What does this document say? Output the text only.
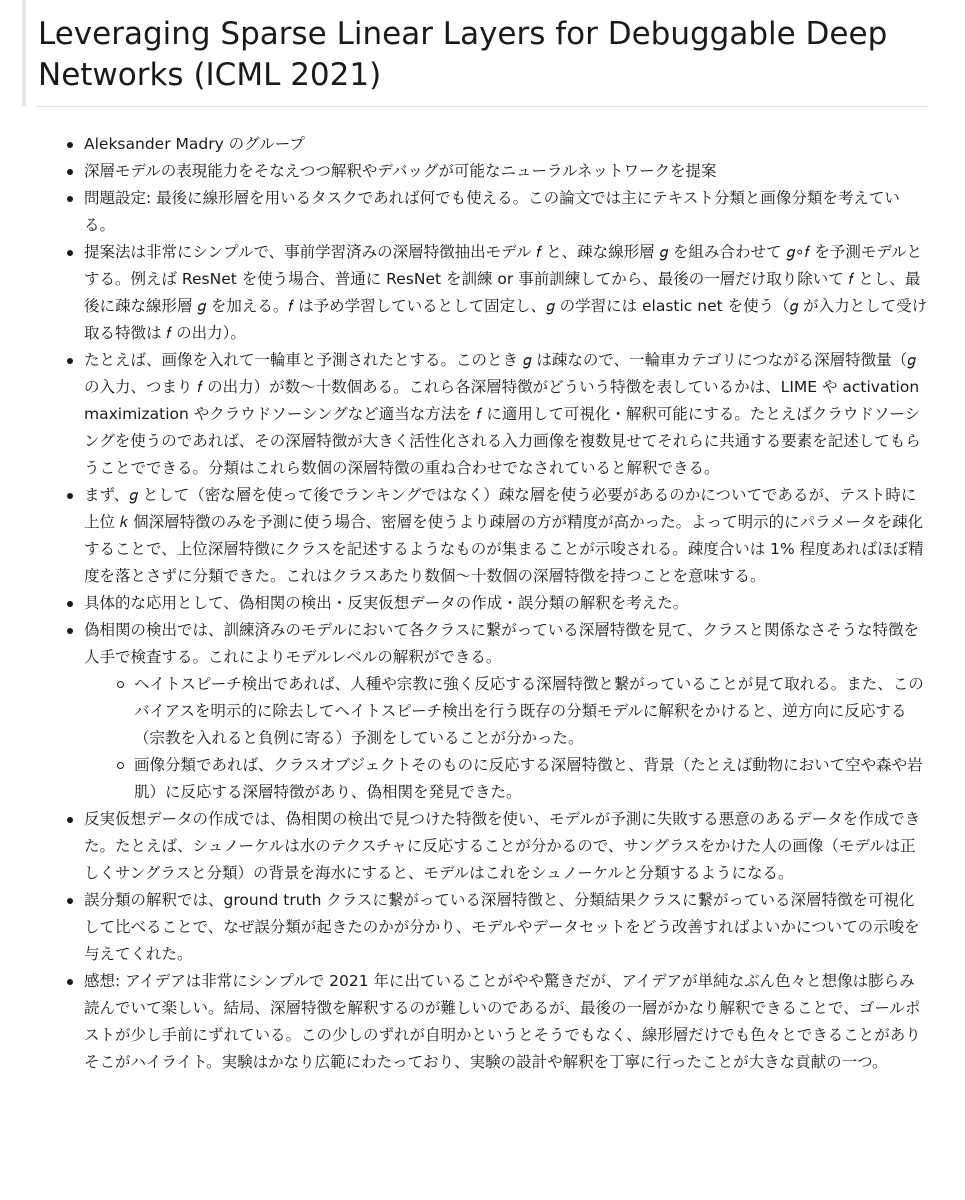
Leveraging Sparse Linear Layers for Debuggable Deep Networks (ICML 2021)
Aleksander Madry のグループ
深層モデルの表現能力をそなえつつ解釈やデバッグが可能なニューラルネットワークを提案
問題設定: 最後に線形層を用いるタスクであれば何でも使える。この論文では主にテキスト分類と画像分類を考えている。
提案法は非常にシンプルで、事前学習済みの深層特徴抽出モデル 𝑓 と、疎な線形層 𝑔 を組み合わせて 𝑔∘𝑓 を予測モデルとする。例えば ResNet を使う場合、普通に ResNet を訓練 or 事前訓練してから、最後の一層だけ取り除いて 𝑓 とし、最後に疎な線形層 𝑔 を加える。𝑓 は予め学習しているとして固定し、𝑔 の学習には elastic net を使う（𝑔 が入力として受け取る特徴は 𝑓 の出力）。
たとえば、画像を入れて一輪車と予測されたとする。このとき 𝑔 は疎なので、一輪車カテゴリにつながる深層特徴量（𝑔 の入力、つまり 𝑓 の出力）が数〜十数個ある。これら各深層特徴がどういう特徴を表しているかは、LIME や activation maximization やクラウドソーシングなど適当な方法を 𝑓 に適用して可視化・解釈可能にする。たとえばクラウドソーシングを使うのであれば、その深層特徴が大きく活性化される入力画像を複数見せてそれらに共通する要素を記述してもらうことでできる。分類はこれら数個の深層特徴の重ね合わせでなされていると解釈できる。
まず、𝑔 として（密な層を使って後でランキングではなく）疎な層を使う必要があるのかについてであるが、テスト時に上位 𝑘 個深層特徴のみを予測に使う場合、密層を使うより疎層の方が精度が高かった。よって明示的にパラメータを疎化することで、上位深層特徴にクラスを記述するようなものが集まることが示唆される。疎度合いは 1% 程度あればほぼ精度を落とさずに分類できた。これはクラスあたり数個〜十数個の深層特徴を持つことを意味する。
具体的な応用として、偽相関の検出・反実仮想データの作成・誤分類の解釈を考えた。
偽相関の検出では、訓練済みのモデルにおいて各クラスに繋がっている深層特徴を見て、クラスと関係なさそうな特徴を人手で検査する。これによりモデルレベルの解釈ができる。
ヘイトスピーチ検出であれば、人種や宗教に強く反応する深層特徴と繋がっていることが見て取れる。また、このバイアスを明示的に除去してヘイトスピーチ検出を行う既存の分類モデルに解釈をかけると、逆方向に反応する（宗教を入れると負例に寄る）予測をしていることが分かった。
画像分類であれば、クラスオブジェクトそのものに反応する深層特徴と、背景（たとえば動物において空や森や岩肌）に反応する深層特徴があり、偽相関を発見できた。
反実仮想データの作成では、偽相関の検出で見つけた特徴を使い、モデルが予測に失敗する悪意のあるデータを作成できた。たとえば、シュノーケルは水のテクスチャに反応することが分かるので、サングラスをかけた人の画像（モデルは正しくサングラスと分類）の背景を海水にすると、モデルはこれをシュノーケルと分類するようになる。
誤分類の解釈では、ground truth クラスに繋がっている深層特徴と、分類結果クラスに繋がっている深層特徴を可視化して比べることで、なぜ誤分類が起きたのかが分かり、モデルやデータセットをどう改善すればよいかについての示唆を与えてくれた。
感想: アイデアは非常にシンプルで 2021 年に出ていることがやや驚きだが、アイデアが単純なぶん色々と想像は膨らみ読んでいて楽しい。結局、深層特徴を解釈するのが難しいのであるが、最後の一層がかなり解釈できることで、ゴールポストが少し手前にずれている。この少しのずれが自明かというとそうでもなく、線形層だけでも色々とできることがありそこがハイライト。実験はかなり広範にわたっており、実験の設計や解釈を丁寧に行ったことが大きな貢献の一つ。
